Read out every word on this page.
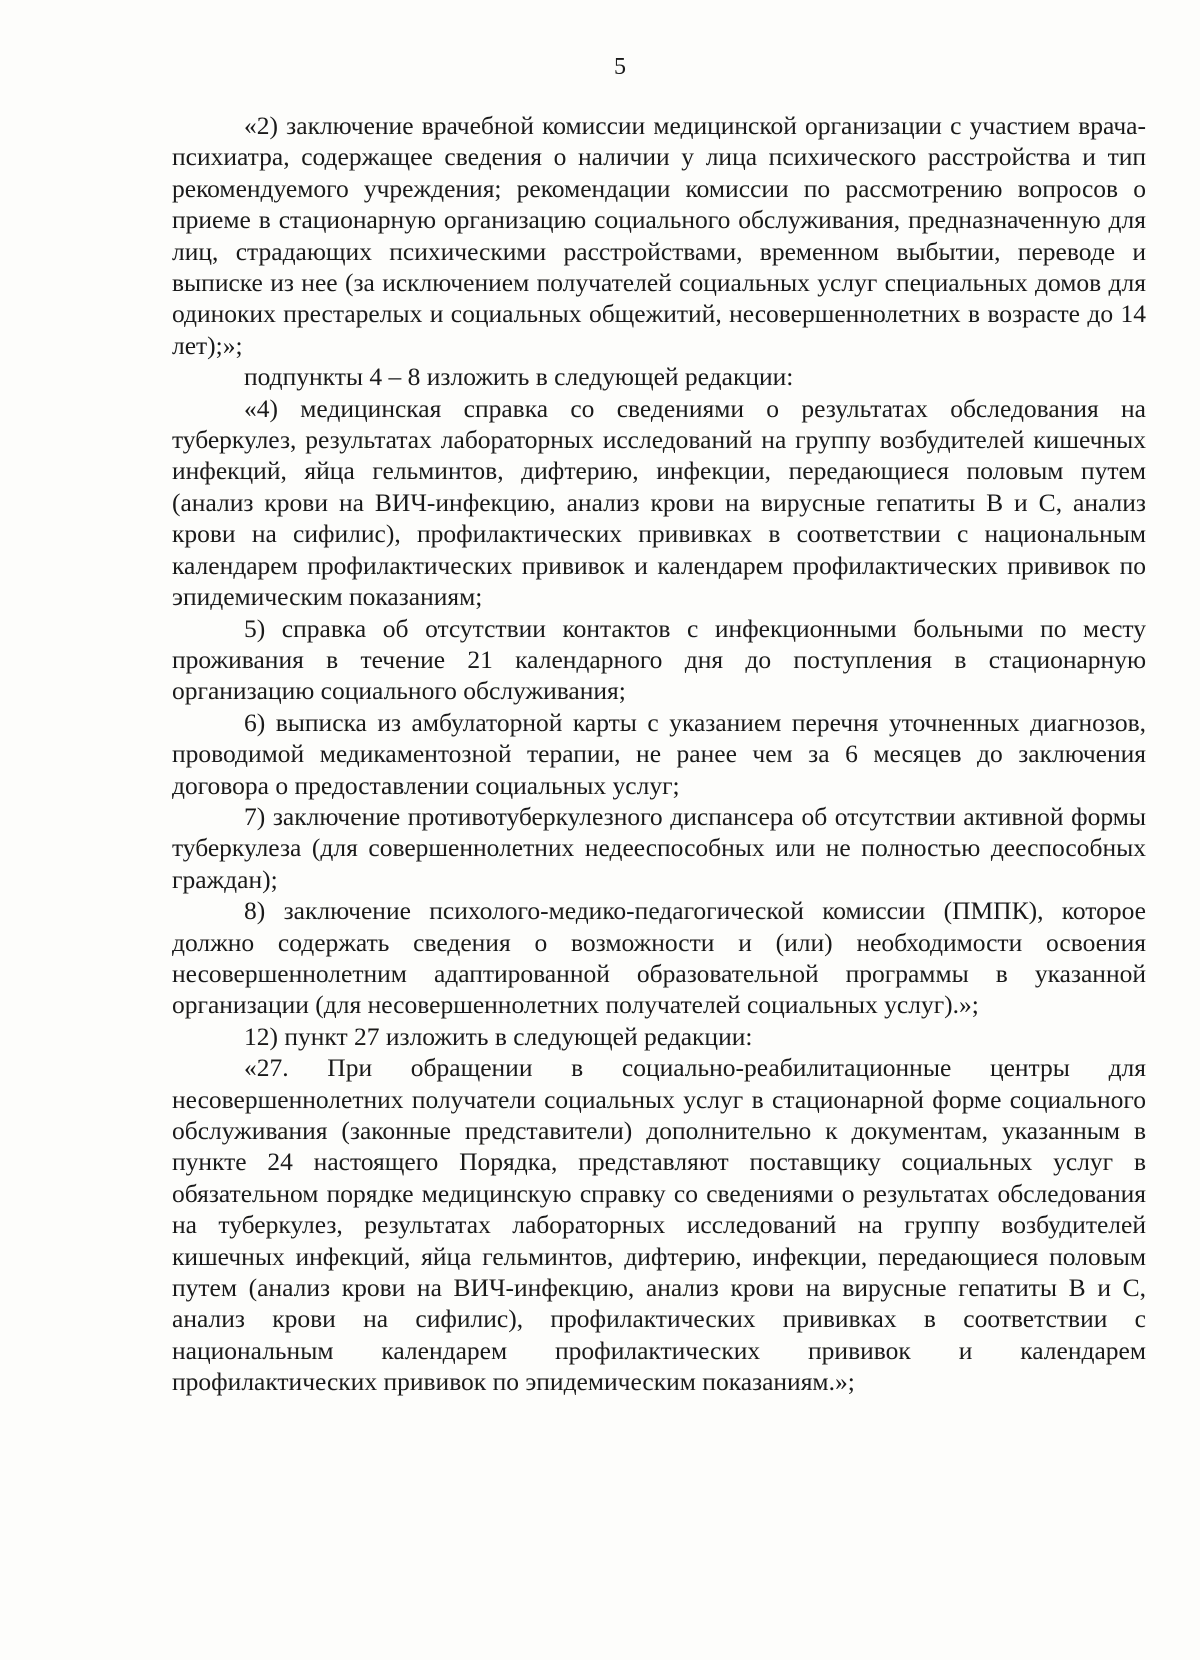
5

«2) заключение врачебной комиссии медицинской организации с участием врача-психиатра, содержащее сведения о наличии у лица психического расстройства и тип рекомендуемого учреждения; рекомендации комиссии по рассмотрению вопросов о приеме в стационарную организацию социального обслуживания, предназначенную для лиц, страдающих психическими расстройствами, временном выбытии, переводе и выписке из нее (за исключением получателей социальных услуг специальных домов для одиноких престарелых и социальных общежитий, несовершеннолетних в возрасте до 14 лет);»;

подпункты 4 – 8 изложить в следующей редакции:

«4) медицинская справка со сведениями о результатах обследования на туберкулез, результатах лабораторных исследований на группу возбудителей кишечных инфекций, яйца гельминтов, дифтерию, инфекции, передающиеся половым путем (анализ крови на ВИЧ-инфекцию, анализ крови на вирусные гепатиты В и С, анализ крови на сифилис), профилактических прививках в соответствии с национальным календарем профилактических прививок и календарем профилактических прививок по эпидемическим показаниям;

5) справка об отсутствии контактов с инфекционными больными по месту проживания в течение 21 календарного дня до поступления в стационарную организацию социального обслуживания;

6) выписка из амбулаторной карты с указанием перечня уточненных диагнозов, проводимой медикаментозной терапии, не ранее чем за 6 месяцев до заключения договора о предоставлении социальных услуг;

7) заключение противотуберкулезного диспансера об отсутствии активной формы туберкулеза (для совершеннолетних недееспособных или не полностью дееспособных граждан);

8) заключение психолого-медико-педагогической комиссии (ПМПК), которое должно содержать сведения о возможности и (или) необходимости освоения несовершеннолетним адаптированной образовательной программы в указанной организации (для несовершеннолетних получателей социальных услуг).»;

12) пункт 27 изложить в следующей редакции:

«27. При обращении в социально-реабилитационные центры для несовершеннолетних получатели социальных услуг в стационарной форме социального обслуживания (законные представители) дополнительно к документам, указанным в пункте 24 настоящего Порядка, представляют поставщику социальных услуг в обязательном порядке медицинскую справку со сведениями о результатах обследования на туберкулез, результатах лабораторных исследований на группу возбудителей кишечных инфекций, яйца гельминтов, дифтерию, инфекции, передающиеся половым путем (анализ крови на ВИЧ-инфекцию, анализ крови на вирусные гепатиты В и С, анализ крови на сифилис), профилактических прививках в соответствии с национальным календарем профилактических прививок и календарем профилактических прививок по эпидемическим показаниям.»;
